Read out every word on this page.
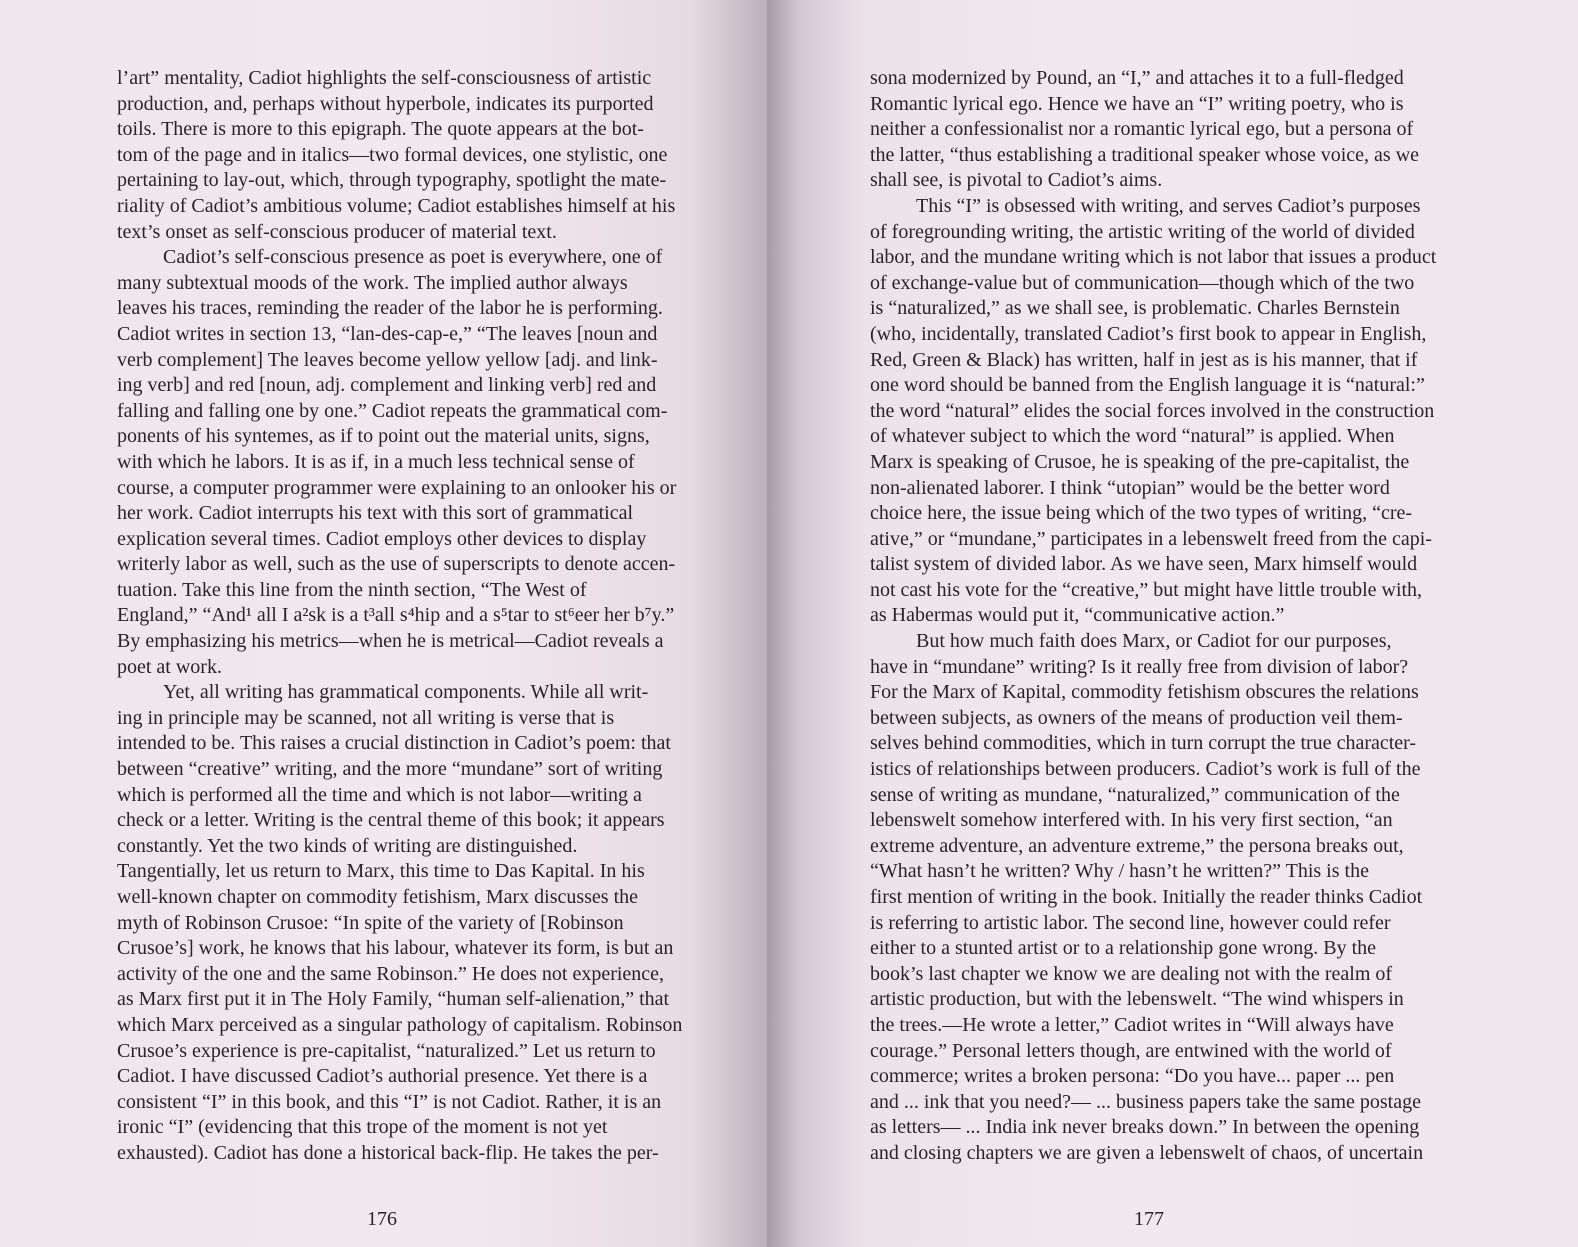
l’art” mentality, Cadiot highlights the self-consciousness of artistic
production, and, perhaps without hyperbole, indicates its purported
toils. There is more to this epigraph. The quote appears at the bot-
tom of the page and in italics—two formal devices, one stylistic, one
pertaining to lay-out, which, through typography, spotlight the mate-
riality of Cadiot’s ambitious volume; Cadiot establishes himself at his
text’s onset as self-conscious producer of material text.
Cadiot’s self-conscious presence as poet is everywhere, one of
many subtextual moods of the work. The implied author always
leaves his traces, reminding the reader of the labor he is performing.
Cadiot writes in section 13, “lan-des-cap-e,” “The leaves [noun and
verb complement] The leaves become yellow yellow [adj. and link-
ing verb] and red [noun, adj. complement and linking verb] red and
falling and falling one by one.” Cadiot repeats the grammatical com-
ponents of his syntemes, as if to point out the material units, signs,
with which he labors. It is as if, in a much less technical sense of
course, a computer programmer were explaining to an onlooker his or
her work. Cadiot interrupts his text with this sort of grammatical
explication several times. Cadiot employs other devices to display
writerly labor as well, such as the use of superscripts to denote accen-
tuation. Take this line from the ninth section, “The West of
England,” “And¹ all I a²sk is a t³all s⁴hip and a s⁵tar to st⁶eer her b⁷y.”
By emphasizing his metrics—when he is metrical—Cadiot reveals a
poet at work.
Yet, all writing has grammatical components. While all writ-
ing in principle may be scanned, not all writing is verse that is
intended to be. This raises a crucial distinction in Cadiot’s poem: that
between “creative” writing, and the more “mundane” sort of writing
which is performed all the time and which is not labor—writing a
check or a letter. Writing is the central theme of this book; it appears
constantly. Yet the two kinds of writing are distinguished.
Tangentially, let us return to Marx, this time to Das Kapital. In his
well-known chapter on commodity fetishism, Marx discusses the
myth of Robinson Crusoe: “In spite of the variety of [Robinson
Crusoe’s] work, he knows that his labour, whatever its form, is but an
activity of the one and the same Robinson.” He does not experience,
as Marx first put it in The Holy Family, “human self-alienation,” that
which Marx perceived as a singular pathology of capitalism. Robinson
Crusoe’s experience is pre-capitalist, “naturalized.” Let us return to
Cadiot. I have discussed Cadiot’s authorial presence. Yet there is a
consistent “I” in this book, and this “I” is not Cadiot. Rather, it is an
ironic “I” (evidencing that this trope of the moment is not yet
exhausted). Cadiot has done a historical back-flip. He takes the per-
176
sona modernized by Pound, an “I,” and attaches it to a full-fledged
Romantic lyrical ego. Hence we have an “I” writing poetry, who is
neither a confessionalist nor a romantic lyrical ego, but a persona of
the latter, “thus establishing a traditional speaker whose voice, as we
shall see, is pivotal to Cadiot’s aims.
This “I” is obsessed with writing, and serves Cadiot’s purposes
of foregrounding writing, the artistic writing of the world of divided
labor, and the mundane writing which is not labor that issues a product
of exchange-value but of communication—though which of the two
is “naturalized,” as we shall see, is problematic. Charles Bernstein
(who, incidentally, translated Cadiot’s first book to appear in English,
Red, Green & Black) has written, half in jest as is his manner, that if
one word should be banned from the English language it is “natural:”
the word “natural” elides the social forces involved in the construction
of whatever subject to which the word “natural” is applied. When
Marx is speaking of Crusoe, he is speaking of the pre-capitalist, the
non-alienated laborer. I think “utopian” would be the better word
choice here, the issue being which of the two types of writing, “cre-
ative,” or “mundane,” participates in a lebenswelt freed from the capi-
talist system of divided labor. As we have seen, Marx himself would
not cast his vote for the “creative,” but might have little trouble with,
as Habermas would put it, “communicative action.”
But how much faith does Marx, or Cadiot for our purposes,
have in “mundane” writing? Is it really free from division of labor?
For the Marx of Kapital, commodity fetishism obscures the relations
between subjects, as owners of the means of production veil them-
selves behind commodities, which in turn corrupt the true character-
istics of relationships between producers. Cadiot’s work is full of the
sense of writing as mundane, “naturalized,” communication of the
lebenswelt somehow interfered with. In his very first section, “an
extreme adventure, an adventure extreme,” the persona breaks out,
“What hasn’t he written? Why / hasn’t he written?” This is the
first mention of writing in the book. Initially the reader thinks Cadiot
is referring to artistic labor. The second line, however could refer
either to a stunted artist or to a relationship gone wrong. By the
book’s last chapter we know we are dealing not with the realm of
artistic production, but with the lebenswelt. “The wind whispers in
the trees.—He wrote a letter,” Cadiot writes in “Will always have
courage.” Personal letters though, are entwined with the world of
commerce; writes a broken persona: “Do you have... paper ... pen
and ... ink that you need?— ... business papers take the same postage
as letters— ... India ink never breaks down.” In between the opening
and closing chapters we are given a lebenswelt of chaos, of uncertain
177
